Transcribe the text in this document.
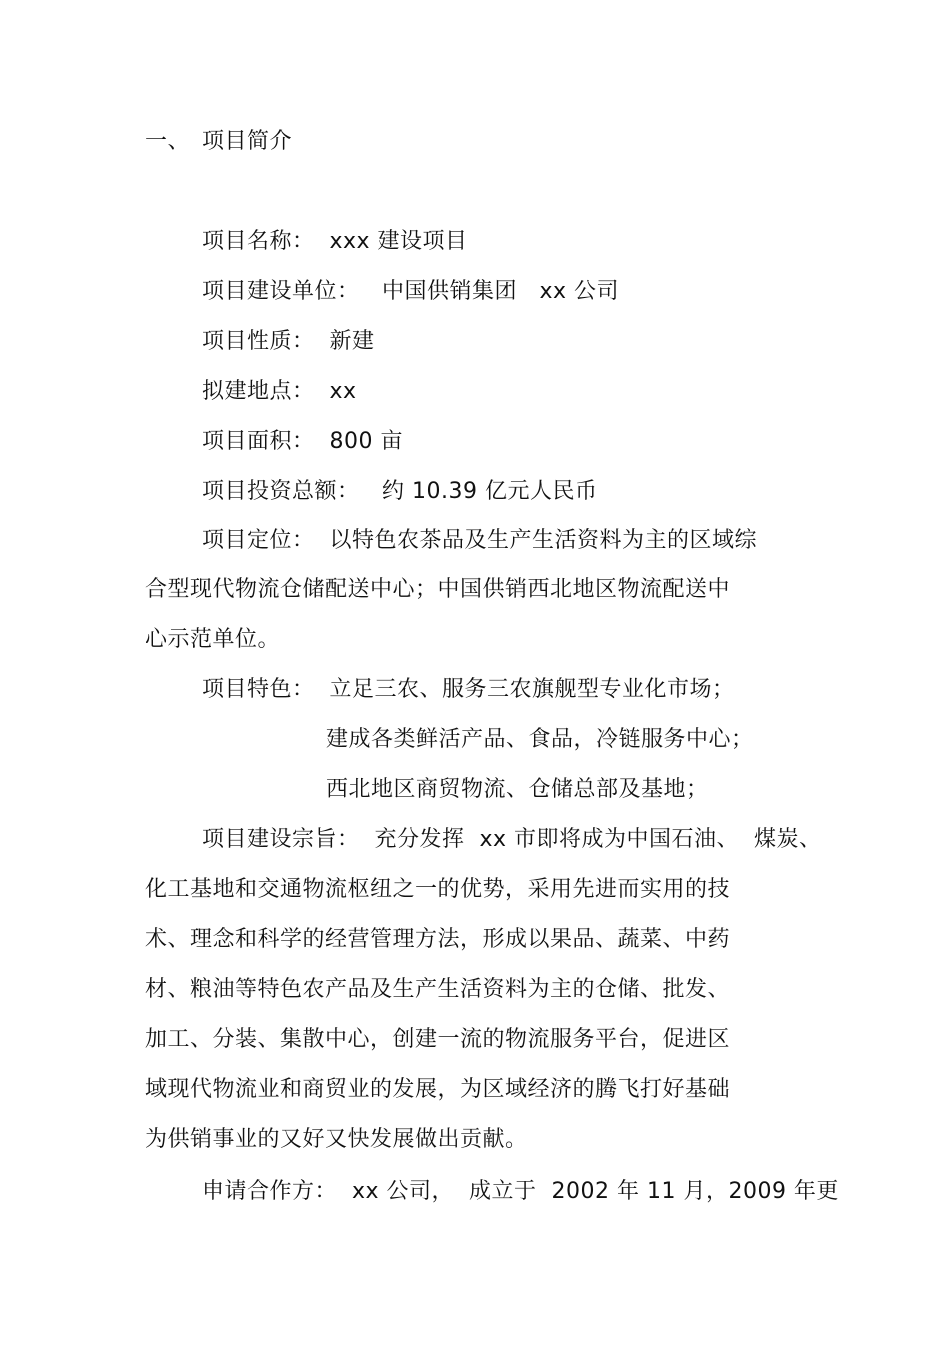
一、 项目简介
项目名称：  xxx 建设项目
项目建设单位：   中国供销集团   xx 公司
项目性质：  新建
拟建地点：  xx
项目面积：  800 亩
项目投资总额：   约 10.39 亿元人民币
项目定位：  以特色农茶品及生产生活资料为主的区域综
合型现代物流仓储配送中心；中国供销西北地区物流配送中
心示范单位。
项目特色：  立足三农、服务三农旗舰型专业化市场；
建成各类鲜活产品、食品，冷链服务中心；
西北地区商贸物流、仓储总部及基地；
项目建设宗旨：  充分发挥  xx 市即将成为中国石油、  煤炭、
化工基地和交通物流枢纽之一的优势，采用先进而实用的技
术、理念和科学的经营管理方法，形成以果品、蔬菜、中药
材、粮油等特色农产品及生产生活资料为主的仓储、批发、
加工、分装、集散中心，创建一流的物流服务平台，促进区
域现代物流业和商贸业的发展，为区域经济的腾飞打好基础
为供销事业的又好又快发展做出贡献。
申请合作方：  xx 公司，  成立于  2002 年 11 月，2009 年更
